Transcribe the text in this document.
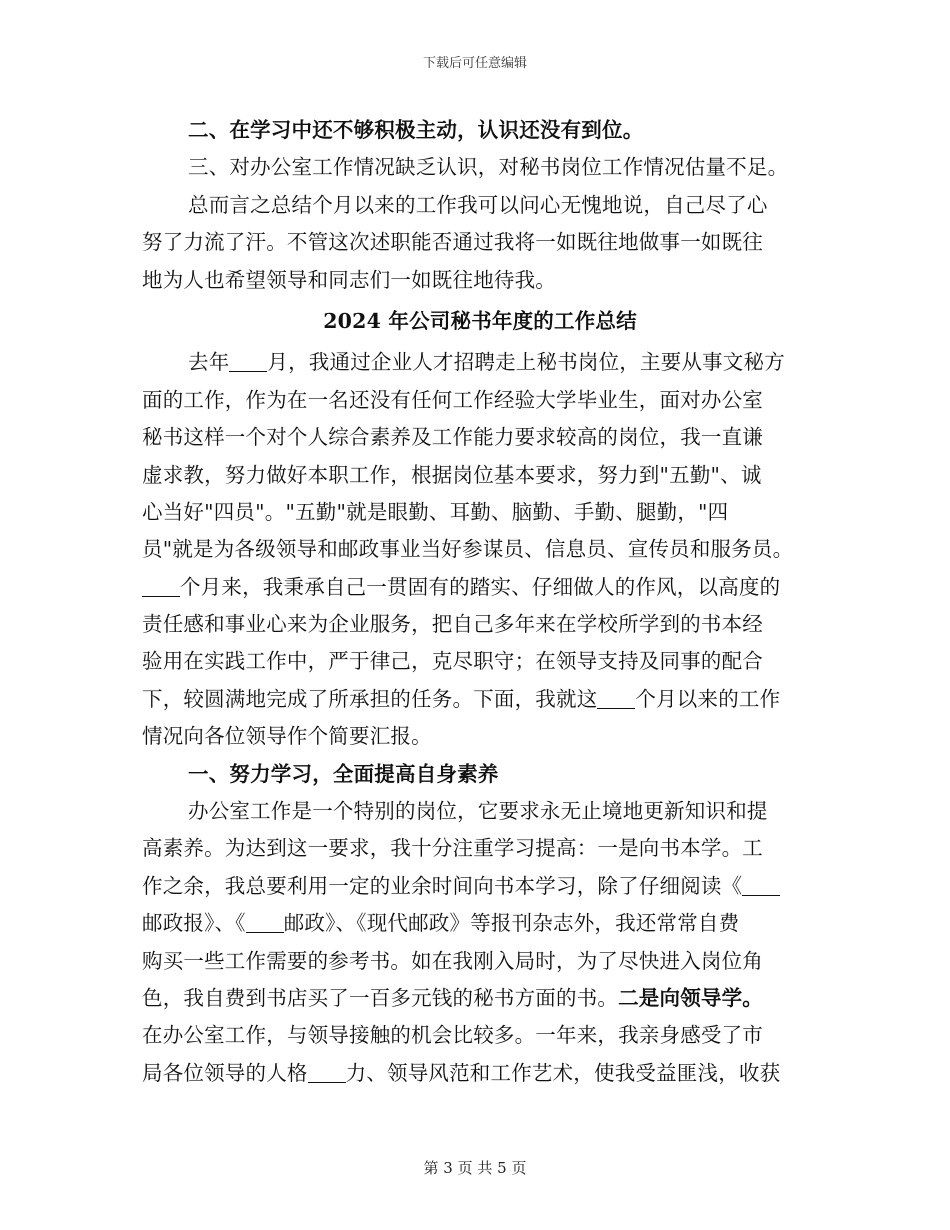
下载后可任意编辑
二、在学习中还不够积极主动，认识还没有到位。
三、对办公室工作情况缺乏认识，对秘书岗位工作情况估量不足。
总而言之总结个月以来的工作我可以问心无愧地说，自己尽了心
努了力流了汗。不管这次述职能否通过我将一如既往地做事一如既往
地为人也希望领导和同志们一如既往地待我。
2024 年公司秘书年度的工作总结
去年 月，我通过企业人才招聘走上秘书岗位，主要从事文秘方
面的工作，作为在一名还没有任何工作经验大学毕业生，面对办公室
秘书这样一个对个人综合素养及工作能力要求较高的岗位，我一直谦
虚求教，努力做好本职工作，根据岗位基本要求，努力到"五勤"、诚
心当好"四员"。"五勤"就是眼勤、耳勤、脑勤、手勤、腿勤，"四
员"就是为各级领导和邮政事业当好参谋员、信息员、宣传员和服务员。
个月来，我秉承自己一贯固有的踏实、仔细做人的作风，以高度的
责任感和事业心来为企业服务，把自己多年来在学校所学到的书本经
验用在实践工作中，严于律己，克尽职守；在领导支持及同事的配合
下，较圆满地完成了所承担的任务。下面，我就这 个月以来的工作
情况向各位领导作个简要汇报。
一、努力学习，全面提高自身素养
办公室工作是一个特别的岗位，它要求永无止境地更新知识和提
高素养。为达到这一要求，我十分注重学习提高：一是向书本学。工
作之余，我总要利用一定的业余时间向书本学习，除了仔细阅读《
邮政报》、《 邮政》、《现代邮政》等报刊杂志外，我还常常自费
购买一些工作需要的参考书。如在我刚入局时，为了尽快进入岗位角
色，我自费到书店买了一百多元钱的秘书方面的书。二是向领导学。
在办公室工作，与领导接触的机会比较多。一年来，我亲身感受了市
局各位领导的人格 力、领导风范和工作艺术，使我受益匪浅，收获
第 3 页 共 5 页
